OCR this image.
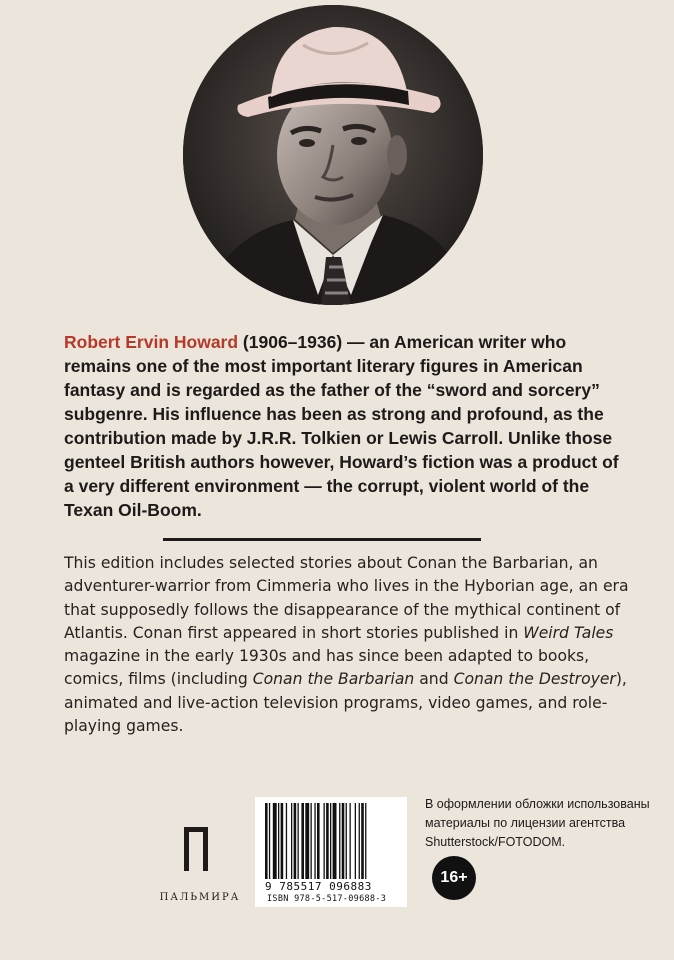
Robert Ervin Howard (1906–1936) — an American writer who remains one of the most important literary figures in American fantasy and is regarded as the father of the “sword and sorcery” subgenre. His influence has been as strong and profound, as the contribution made by J.R.R. Tolkien or Lewis Carroll. Unlike those genteel British authors however, Howard’s fiction was a product of a very different environment — the corrupt, violent world of the Texan Oil-Boom.
This edition includes selected stories about Conan the Barbarian, an adventurer-warrior from Cimmeria who lives in the Hyborian age, an era that supposedly follows the disappearance of the mythical continent of Atlantis. Conan first appeared in short stories published in Weird Tales magazine in the early 1930s and has since been adapted to books, comics, films (including Conan the Barbarian and Conan the Destroyer), animated and live-action television programs, video games, and role-playing games.
ПАЛЬМИРА
9 785517 096883
ISBN 978-5-517-09688-3
В оформлении обложки использованы
материалы по лицензии агентства
Shutterstock/FOTODOM.
16+
